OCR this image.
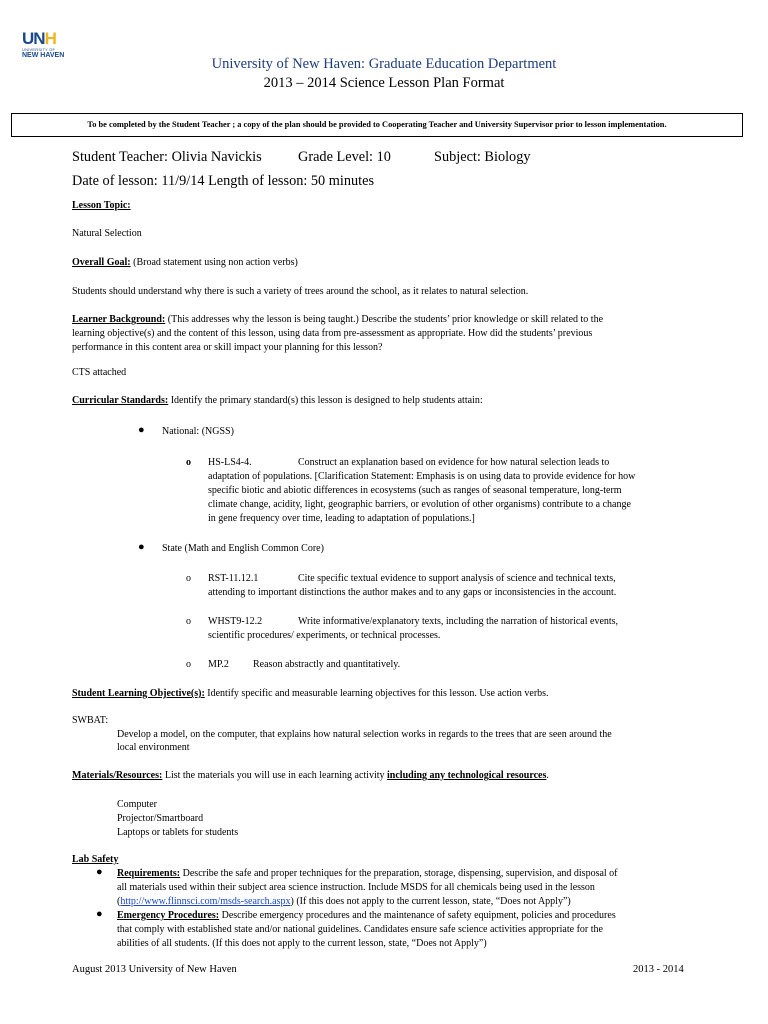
UNH
UNIVERSITY OF
NEW HAVEN
University of New Haven: Graduate Education Department
2013 – 2014 Science Lesson Plan Format
To be completed by the Student Teacher ; a copy of the plan should be provided to Cooperating Teacher and University Supervisor prior to lesson implementation.
Student Teacher: Olivia Navickis	Grade Level: 10	Subject: Biology
Date of lesson: 11/9/14 Length of lesson: 50 minutes
Lesson Topic:
Natural Selection
Overall Goal: (Broad statement using non action verbs)
Students should understand why there is such a variety of trees around the school, as it relates to natural selection.
Learner Background: (This addresses why the lesson is being taught.) Describe the students’ prior knowledge or skill related to the
learning objective(s) and the content of this lesson, using data from pre-assessment as appropriate. How did the students’ previous
performance in this content area or skill impact your planning for this lesson?
CTS attached
Curricular Standards: Identify the primary standard(s) this lesson is designed to help students attain:
● National: (NGSS)
o HS-LS4-4.	Construct an explanation based on evidence for how natural selection leads to
adaptation of populations. [Clarification Statement: Emphasis is on using data to provide evidence for how
specific biotic and abiotic differences in ecosystems (such as ranges of seasonal temperature, long-term
climate change, acidity, light, geographic barriers, or evolution of other organisms) contribute to a change
in gene frequency over time, leading to adaptation of populations.]
● State (Math and English Common Core)
o RST-11.12.1	Cite specific textual evidence to support analysis of science and technical texts,
attending to important distinctions the author makes and to any gaps or inconsistencies in the account.
o WHST9-12.2	Write informative/explanatory texts, including the narration of historical events,
scientific procedures/ experiments, or technical processes.
o MP.2 Reason abstractly and quantitatively.
Student Learning Objective(s): Identify specific and measurable learning objectives for this lesson. Use action verbs.
SWBAT:
Develop a model, on the computer, that explains how natural selection works in regards to the trees that are seen around the
local environment
Materials/Resources: List the materials you will use in each learning activity including any technological resources.
Computer
Projector/Smartboard
Laptops or tablets for students
Lab Safety
● Requirements: Describe the safe and proper techniques for the preparation, storage, dispensing, supervision, and disposal of
all materials used within their subject area science instruction. Include MSDS for all chemicals being used in the lesson
(http://www.flinnsci.com/msds-search.aspx) (If this does not apply to the current lesson, state, “Does not Apply”)
● Emergency Procedures: Describe emergency procedures and the maintenance of safety equipment, policies and procedures
that comply with established state and/or national guidelines. Candidates ensure safe science activities appropriate for the
abilities of all students. (If this does not apply to the current lesson, state, “Does not Apply”)
August 2013 University of New Haven	2013 - 2014
